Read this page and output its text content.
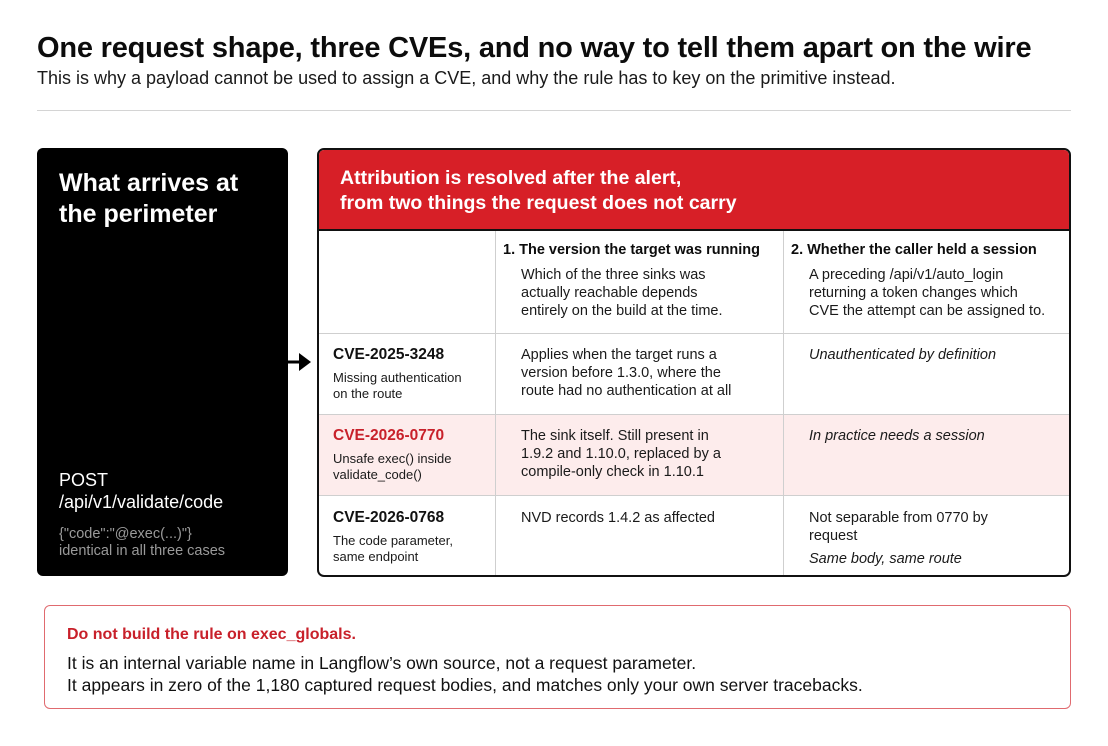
One request shape, three CVEs, and no way to tell them apart on the wire
This is why a payload cannot be used to assign a CVE, and why the rule has to key on the primitive instead.
What arrives at the perimeter
POST
/api/v1/validate/code
{"code":"@exec(...)"}
identical in all three cases
Attribution is resolved after the alert,
from two things the request does not carry
1. The version the target was running
Which of the three sinks was
actually reachable depends
entirely on the build at the time.
2. Whether the caller held a session
A preceding /api/v1/auto_login
returning a token changes which
CVE the attempt can be assigned to.
CVE-2025-3248
Missing authentication
on the route
Applies when the target runs a
version before 1.3.0, where the
route had no authentication at all
Unauthenticated by definition
CVE-2026-0770
Unsafe exec() inside
validate_code()
The sink itself. Still present in
1.9.2 and 1.10.0, replaced by a
compile-only check in 1.10.1
In practice needs a session
CVE-2026-0768
The code parameter,
same endpoint
NVD records 1.4.2 as affected	Not separable from 0770 by
request
Same body, same route
Do not build the rule on exec_globals.
It is an internal variable name in Langflow’s own source, not a request parameter.
It appears in zero of the 1,180 captured request bodies, and matches only your own server tracebacks.
